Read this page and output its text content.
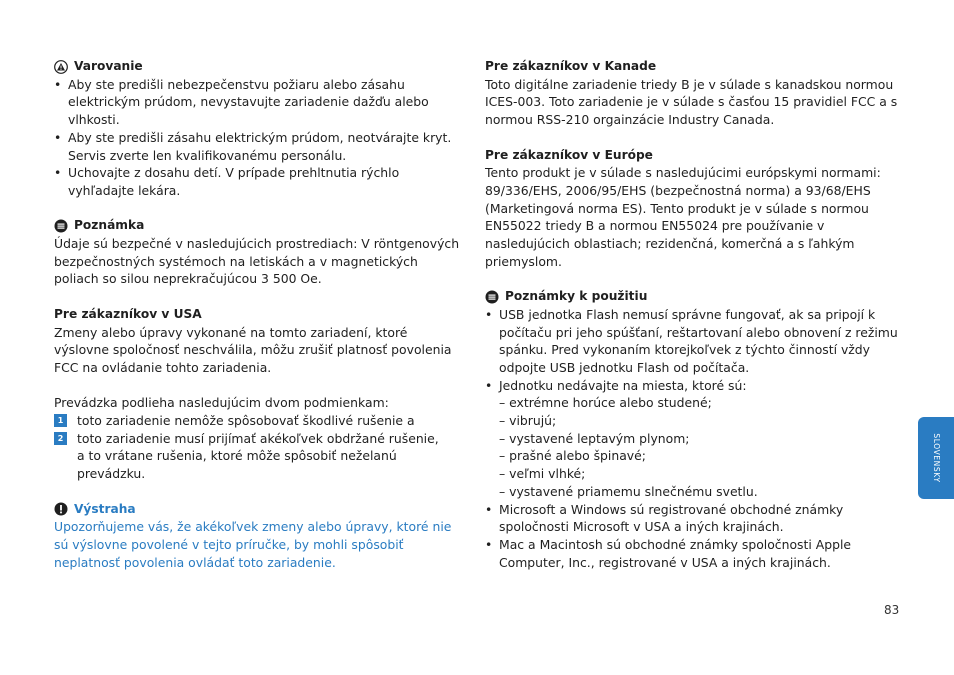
Varovanie
• Aby ste predišli nebezpečenstvu požiaru alebo zásahu elektrickým prúdom, nevystavujte zariadenie dažďu alebo vlhkosti.
• Aby ste predišli zásahu elektrickým prúdom, neotvárajte kryt. Servis zverte len kvalifikovanému personálu.
• Uchovajte z dosahu detí. V prípade prehltnutia rýchlo vyhľadajte lekára.
Poznámka
Údaje sú bezpečné v nasledujúcich prostrediach: V röntgenových bezpečnostných systémoch na letiskách a v magnetických poliach so silou neprekračujúcou 3 500 Oe.
Pre zákazníkov v USA
Zmeny alebo úpravy vykonané na tomto zariadení, ktoré výslovne spoločnosť neschválila, môžu zrušiť platnosť povolenia FCC na ovládanie tohto zariadenia.
Prevádzka podlieha nasledujúcim dvom podmienkam:
1 toto zariadenie nemôže spôsobovať škodlivé rušenie a
2 toto zariadenie musí prijímať akékoľvek obdržané rušenie,
a to vrátane rušenia, ktoré môže spôsobiť neželanú prevádzku.
Výstraha
Upozorňujeme vás, že akékoľvek zmeny alebo úpravy, ktoré nie sú výslovne povolené v tejto príručke, by mohli spôsobiť neplatnosť povolenia ovládať toto zariadenie.
Pre zákazníkov v Kanade
Toto digitálne zariadenie triedy B je v súlade s kanadskou normou ICES-003. Toto zariadenie je v súlade s časťou 15 pravidiel FCC a s normou RSS-210 orgainzácie Industry Canada.
Pre zákazníkov v Európe
Tento produkt je v súlade s nasledujúcimi európskymi normami: 89/336/EHS, 2006/95/EHS (bezpečnostná norma) a 93/68/EHS (Marketingová norma ES). Tento produkt je v súlade s normou EN55022 triedy B a normou EN55024 pre používanie v nasledujúcich oblastiach; rezidenčná, komerčná a s ľahkým priemyslom.
Poznámky k použitiu
• USB jednotka Flash nemusí správne fungovať, ak sa pripojí k počítaču pri jeho spúšťaní, reštartovaní alebo obnovení z režimu spánku. Pred vykonaním ktorejkoľvek z týchto činností vždy odpojte USB jednotku Flash od počítača.
• Jednotku nedávajte na miesta, ktoré sú:
– extrémne horúce alebo studené;
– vibrujú;
– vystavené leptavým plynom;
– prašné alebo špinavé;
– veľmi vlhké;
– vystavené priamemu slnečnému svetlu.
• Microsoft a Windows sú registrované obchodné známky spoločnosti Microsoft v USA a iných krajinách.
• Mac a Macintosh sú obchodné známky spoločnosti Apple Computer, Inc., registrované v USA a iných krajinách.
SLOVENSKY
83
